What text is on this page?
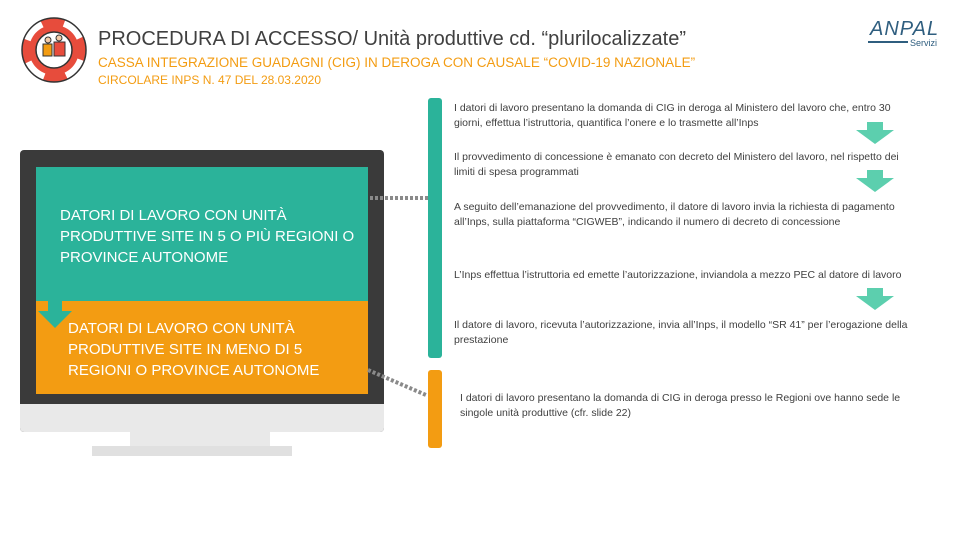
PROCEDURA DI ACCESSO/ Unità produttive cd. “plurilocalizzate”
CASSA INTEGRAZIONE GUADAGNI (CIG) IN DEROGA CON CAUSALE “COVID-19 NAZIONALE”
CIRCOLARE INPS N. 47 DEL 28.03.2020
ANPAL
Servizi
DATORI DI LAVORO CON UNITÀ PRODUTTIVE SITE IN 5 O PIÙ REGIONI O PROVINCE AUTONOME
DATORI DI LAVORO CON UNITÀ PRODUTTIVE SITE IN MENO DI 5 REGIONI O PROVINCE AUTONOME
I datori di lavoro presentano la domanda di CIG in deroga al Ministero del lavoro che, entro 30 giorni, effettua l’istruttoria, quantifica l’onere e lo trasmette all’Inps
Il provvedimento di concessione è emanato con decreto del Ministero del lavoro, nel rispetto dei limiti di spesa programmati
A seguito dell’emanazione del provvedimento, il datore di lavoro invia la richiesta di pagamento all’Inps, sulla piattaforma “CIGWEB”, indicando il numero di decreto di concessione
L’Inps effettua l’istruttoria ed emette l’autorizzazione, inviandola a mezzo PEC al datore di lavoro
Il datore di lavoro, ricevuta l’autorizzazione, invia all’Inps, il modello “SR 41” per l’erogazione della prestazione
I datori di lavoro presentano la domanda di CIG in deroga presso le Regioni ove hanno sede le singole unità produttive (cfr. slide 22)
